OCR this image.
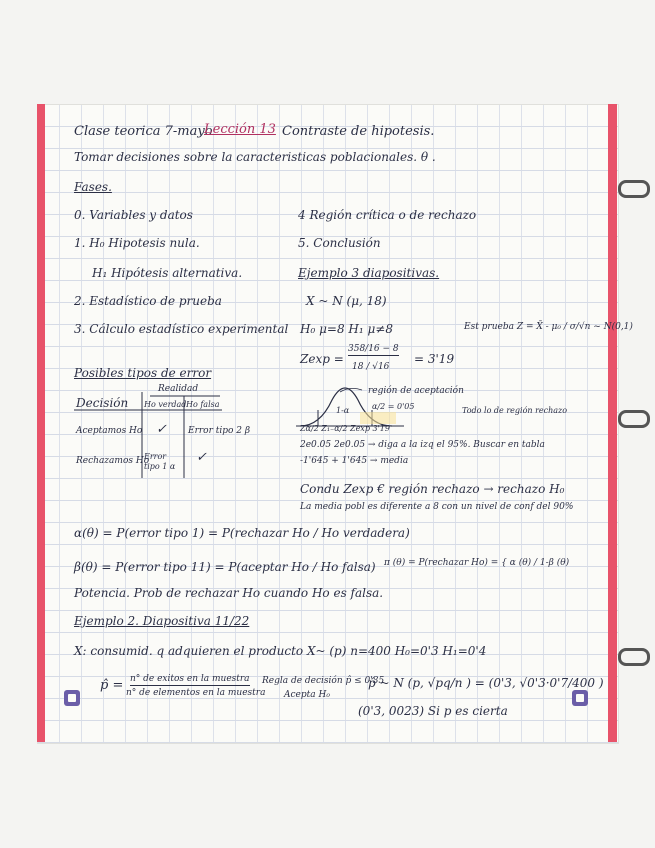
Clase teorica 7-mayo
Lección 13 Contraste de hipotesis.
Tomar decisiones sobre la caracteristicas poblacionales. θ .
Fases.
0. Variables y datos
1. H₀ Hipotesis nula.
H₁ Hipótesis alternativa.
2. Estadístico de prueba
3. Cálculo estadístico experimental
4 Región crítica o de rechazo
5. Conclusión
Ejemplo 3 diapositivas.
X ~ N (μ, 18)
H₀ μ=8 H₁ μ≠8	Est prueba Z = X̄ - μ₀ / σ/√n ~ N(0,1)
Zexp =
358/16 − 8
18 / √16
= 3'19
región de aceptación
α/2 = 0'05
1-α	Todo lo de región rechazo
Zα/2 Z₁₋α/2 Zexp 3'19
2e0.05 2e0.05 → diga a la izq el 95%. Buscar en tabla
-1'645 + 1'645 → media
Condu Zexp € región rechazo → rechazo H₀
La media pobl es diferente a 8 con un nivel de conf del 90%
Posibles tipos de error
Realidad
Decisión Ho verdad Ho falsa
Aceptamos Ho ✓ Error tipo 2 β
Rechazamos Ho
Error tipo 1 α
✓
α(θ) = P(error tipo 1) = P(rechazar Ho / Ho verdadera)
β(θ) = P(error tipo 11) = P(aceptar Ho / Ho falsa) π (θ) = P(rechazar Ho) = { α (θ) / 1-β (θ)
Potencia. Prob de rechazar Ho cuando Ho es falsa.
Ejemplo 2. Diapositiva 11/22
X: consumid. q adquieren el producto X~ (p) n=400 H₀=0'3 H₁=0'4
p̂ = n° de exitos en la muestra
n° de elementos en la muestra
Regla de decisión p̂ ≤ 0'35
Acepta H₀
p̂ ~ N (p, √pq/n ) = (0'3, √0'3·0'7/400 )
(0'3, 0023) Si p es cierta
